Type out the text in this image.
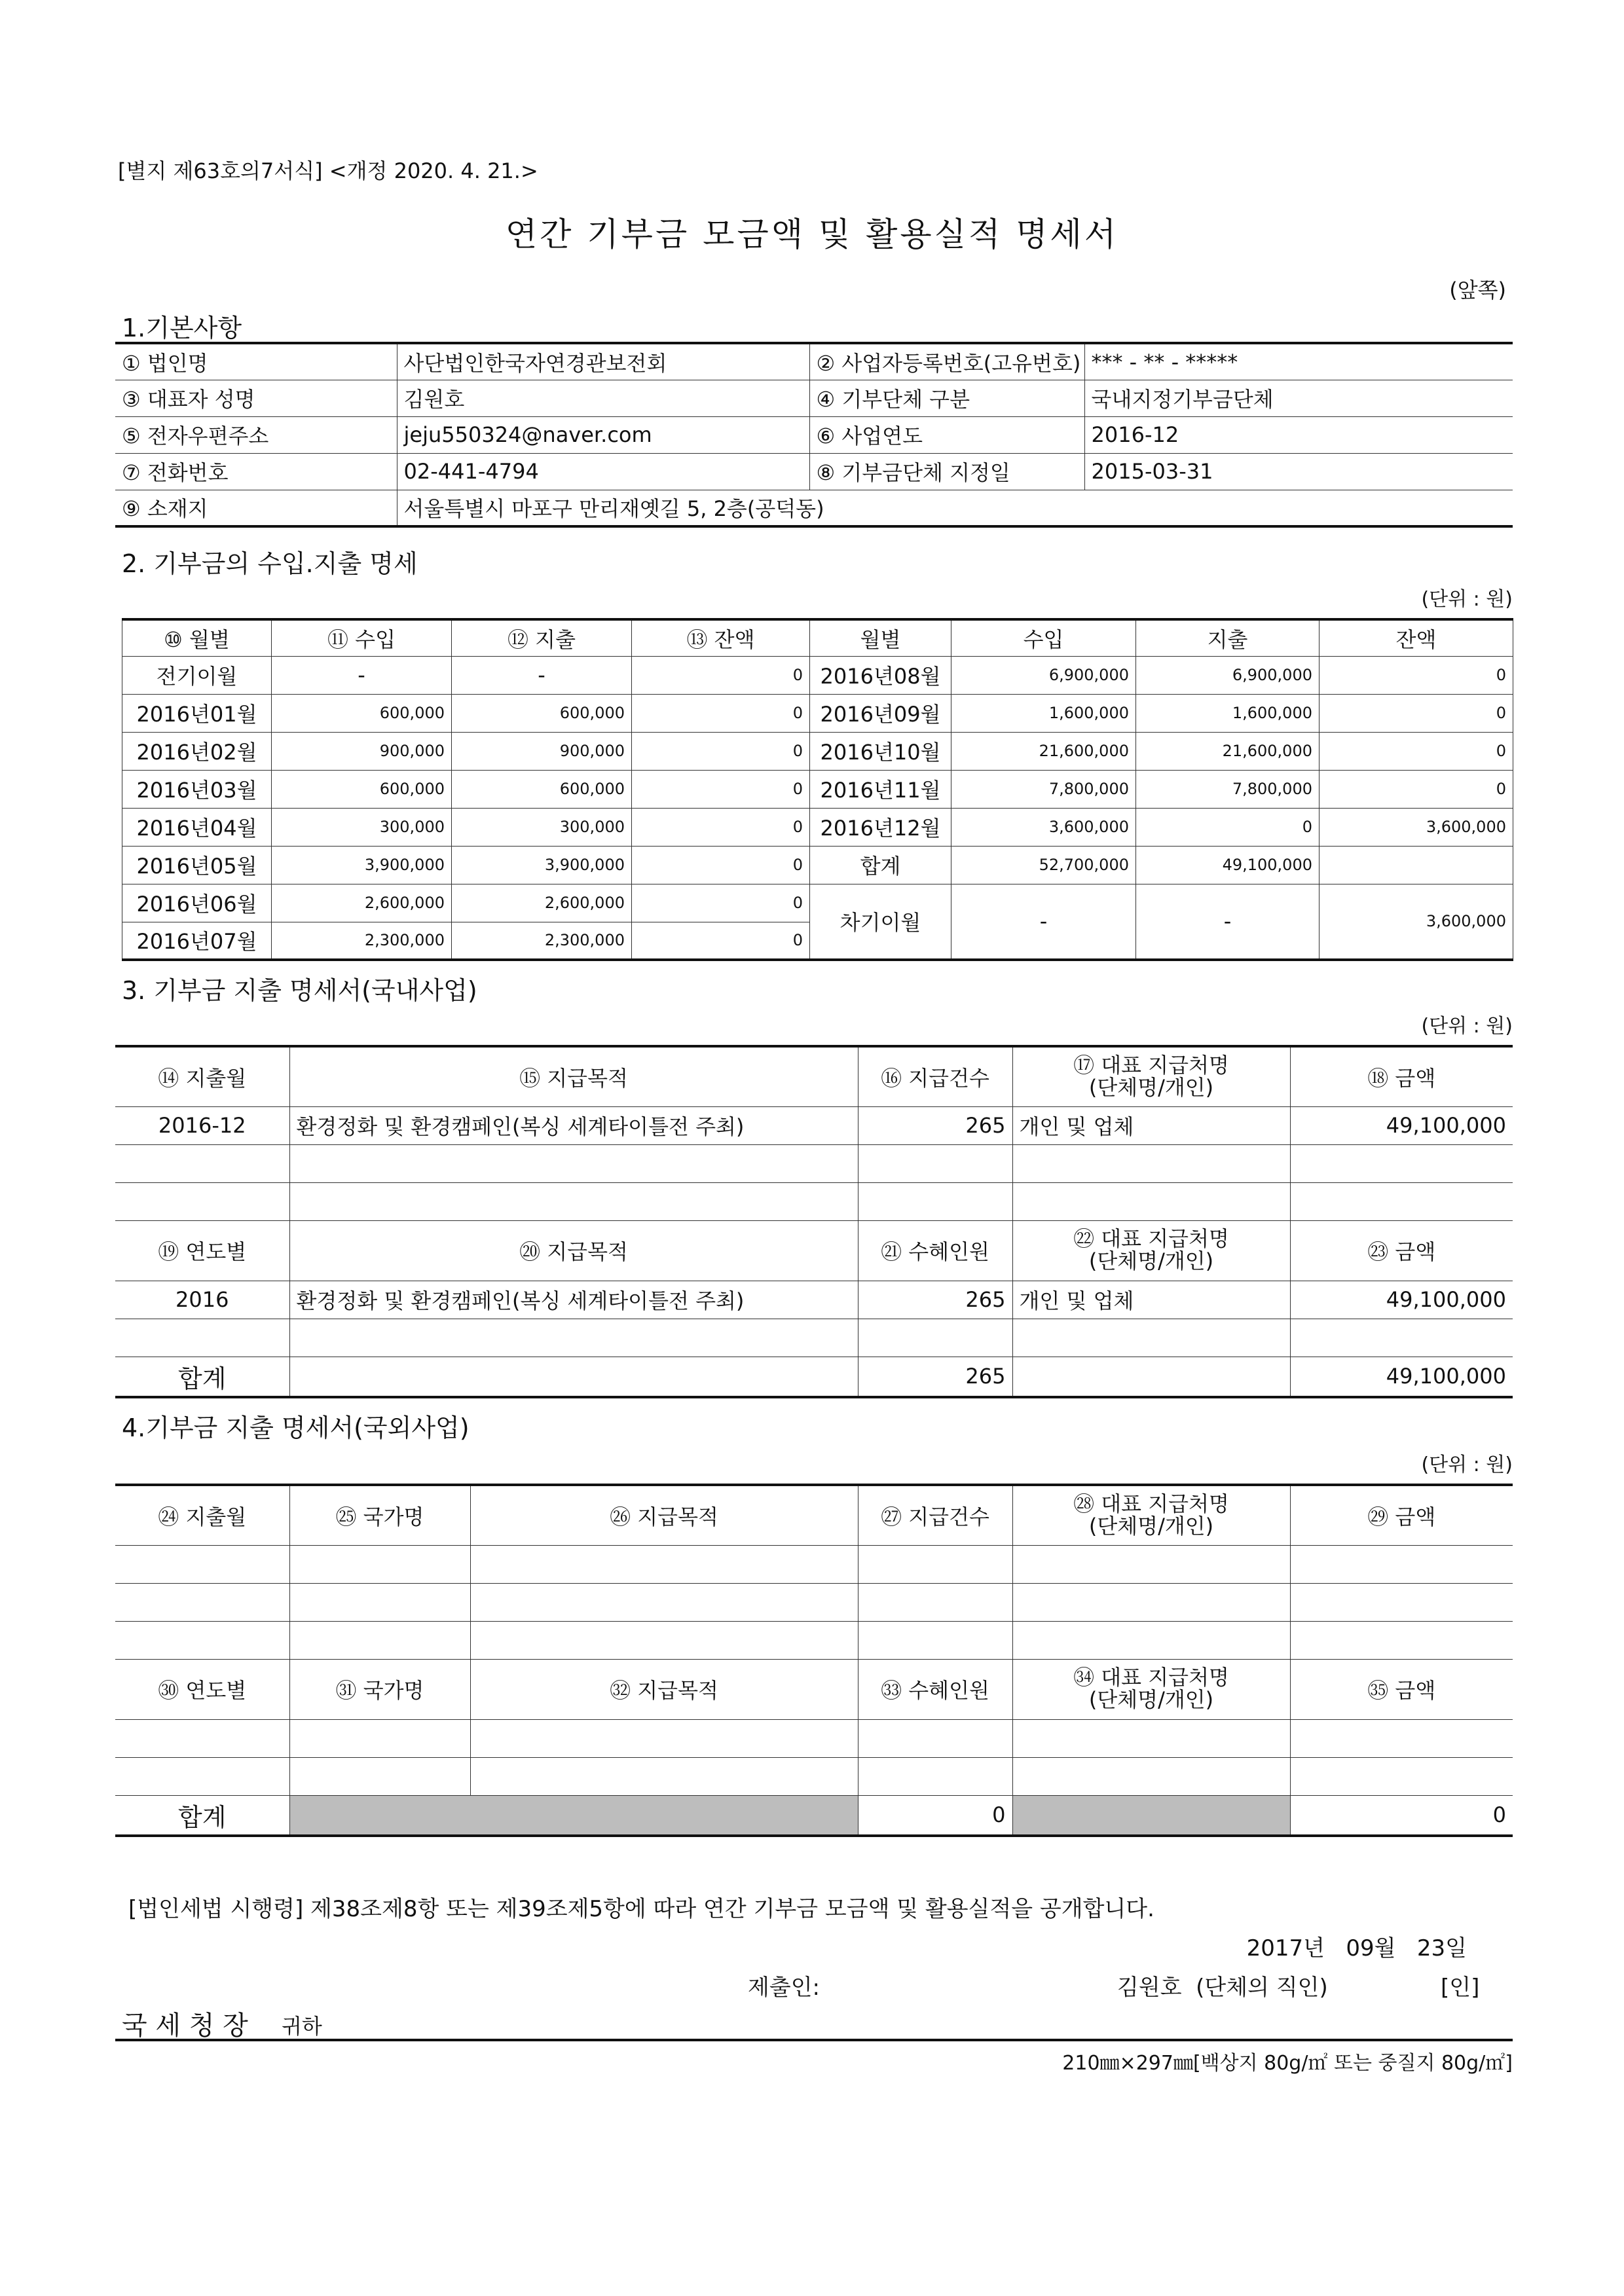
[별지 제63호의7서식] <개정 2020. 4. 21.>
연간 기부금 모금액 및 활용실적 명세서
(앞쪽)
1.기본사항
① 법인명	사단법인한국자연경관보전회	② 사업자등록번호(고유번호)	*** - ** - *****
③ 대표자 성명	김원호	④ 기부단체 구분	국내지정기부금단체
⑤ 전자우편주소	jeju550324@naver.com	⑥ 사업연도	2016-12
⑦ 전화번호	02-441-4794	⑧ 기부금단체 지정일	2015-03-31
⑨ 소재지	서울특별시 마포구 만리재옛길 5, 2층(공덕동)		
2. 기부금의 수입.지출 명세
(단위 : 원)
⑩ 월별	⑪ 수입	⑫ 지출	⑬ 잔액	월별	수입	지출	잔액
전기이월	-	-	0	2016년08월	6,900,000	6,900,000	0
2016년01월	600,000	600,000	0	2016년09월	1,600,000	1,600,000	0
2016년02월	900,000	900,000	0	2016년10월	21,600,000	21,600,000	0
2016년03월	600,000	600,000	0	2016년11월	7,800,000	7,800,000	0
2016년04월	300,000	300,000	0	2016년12월	3,600,000	0	3,600,000
2016년05월	3,900,000	3,900,000	0	합계	52,700,000	49,100,000	
2016년06월	2,600,000	2,600,000	0	차기이월	-	-	3,600,000
2016년07월	2,300,000	2,300,000	0				
3. 기부금 지출 명세서(국내사업)
(단위 : 원)
⑭ 지출월	⑮ 지급목적	⑯ 지급건수	⑰ 대표 지급처명
(단체명/개인)	⑱ 금액
2016-12	환경정화 및 환경캠페인(복싱 세계타이틀전 주최)	265	개인 및 업체	49,100,000

⑲ 연도별	⑳ 지급목적	㉑ 수혜인원	㉒ 대표 지급처명
(단체명/개인)	㉓ 금액
2016	환경정화 및 환경캠페인(복싱 세계타이틀전 주최)	265	개인 및 업체	49,100,000

합계		265		49,100,000
4.기부금 지출 명세서(국외사업)
(단위 : 원)
㉔ 지출월	㉕ 국가명	㉖ 지급목적	㉗ 지급건수	㉘ 대표 지급처명
(단체명/개인)	㉙ 금액

㉚ 연도별	㉛ 국가명	㉜ 지급목적	㉝ 수혜인원	㉞ 대표 지급처명
(단체명/개인)	㉟ 금액

합계			0		0
[법인세법 시행령] 제38조제8항 또는 제39조제5항에 따라 연간 기부금 모금액 및 활용실적을 공개합니다.
2017년   09월   23일
제출인:	김원호  (단체의 직인)	[인]
국 세 청 장 귀하
210㎜×297㎜[백상지 80g/㎡ 또는 중질지 80g/㎡]
